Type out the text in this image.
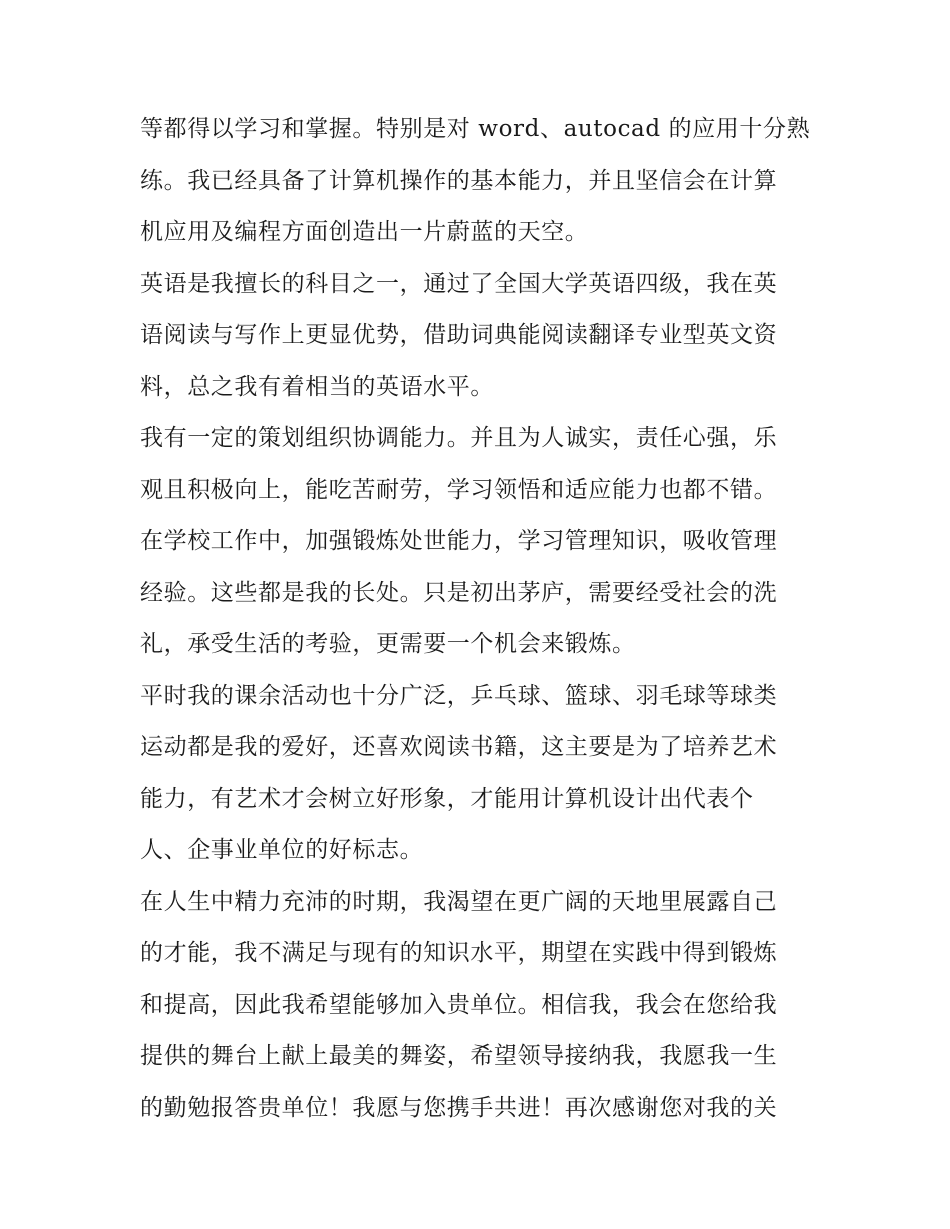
等都得以学习和掌握。特别是对 word、autocad 的应用十分熟
练。我已经具备了计算机操作的基本能力，并且坚信会在计算
机应用及编程方面创造出一片蔚蓝的天空。
英语是我擅长的科目之一，通过了全国大学英语四级，我在英
语阅读与写作上更显优势，借助词典能阅读翻译专业型英文资
料，总之我有着相当的英语水平。
我有一定的策划组织协调能力。并且为人诚实，责任心强，乐
观且积极向上，能吃苦耐劳，学习领悟和适应能力也都不错。
在学校工作中，加强锻炼处世能力，学习管理知识，吸收管理
经验。这些都是我的长处。只是初出茅庐，需要经受社会的洗
礼，承受生活的考验，更需要一个机会来锻炼。
平时我的课余活动也十分广泛，乒乓球、篮球、羽毛球等球类
运动都是我的爱好，还喜欢阅读书籍，这主要是为了培养艺术
能力，有艺术才会树立好形象，才能用计算机设计出代表个
人、企事业单位的好标志。
在人生中精力充沛的时期，我渴望在更广阔的天地里展露自己
的才能，我不满足与现有的知识水平，期望在实践中得到锻炼
和提高，因此我希望能够加入贵单位。相信我，我会在您给我
提供的舞台上献上最美的舞姿，希望领导接纳我，我愿我一生
的勤勉报答贵单位！我愿与您携手共进！再次感谢您对我的关
